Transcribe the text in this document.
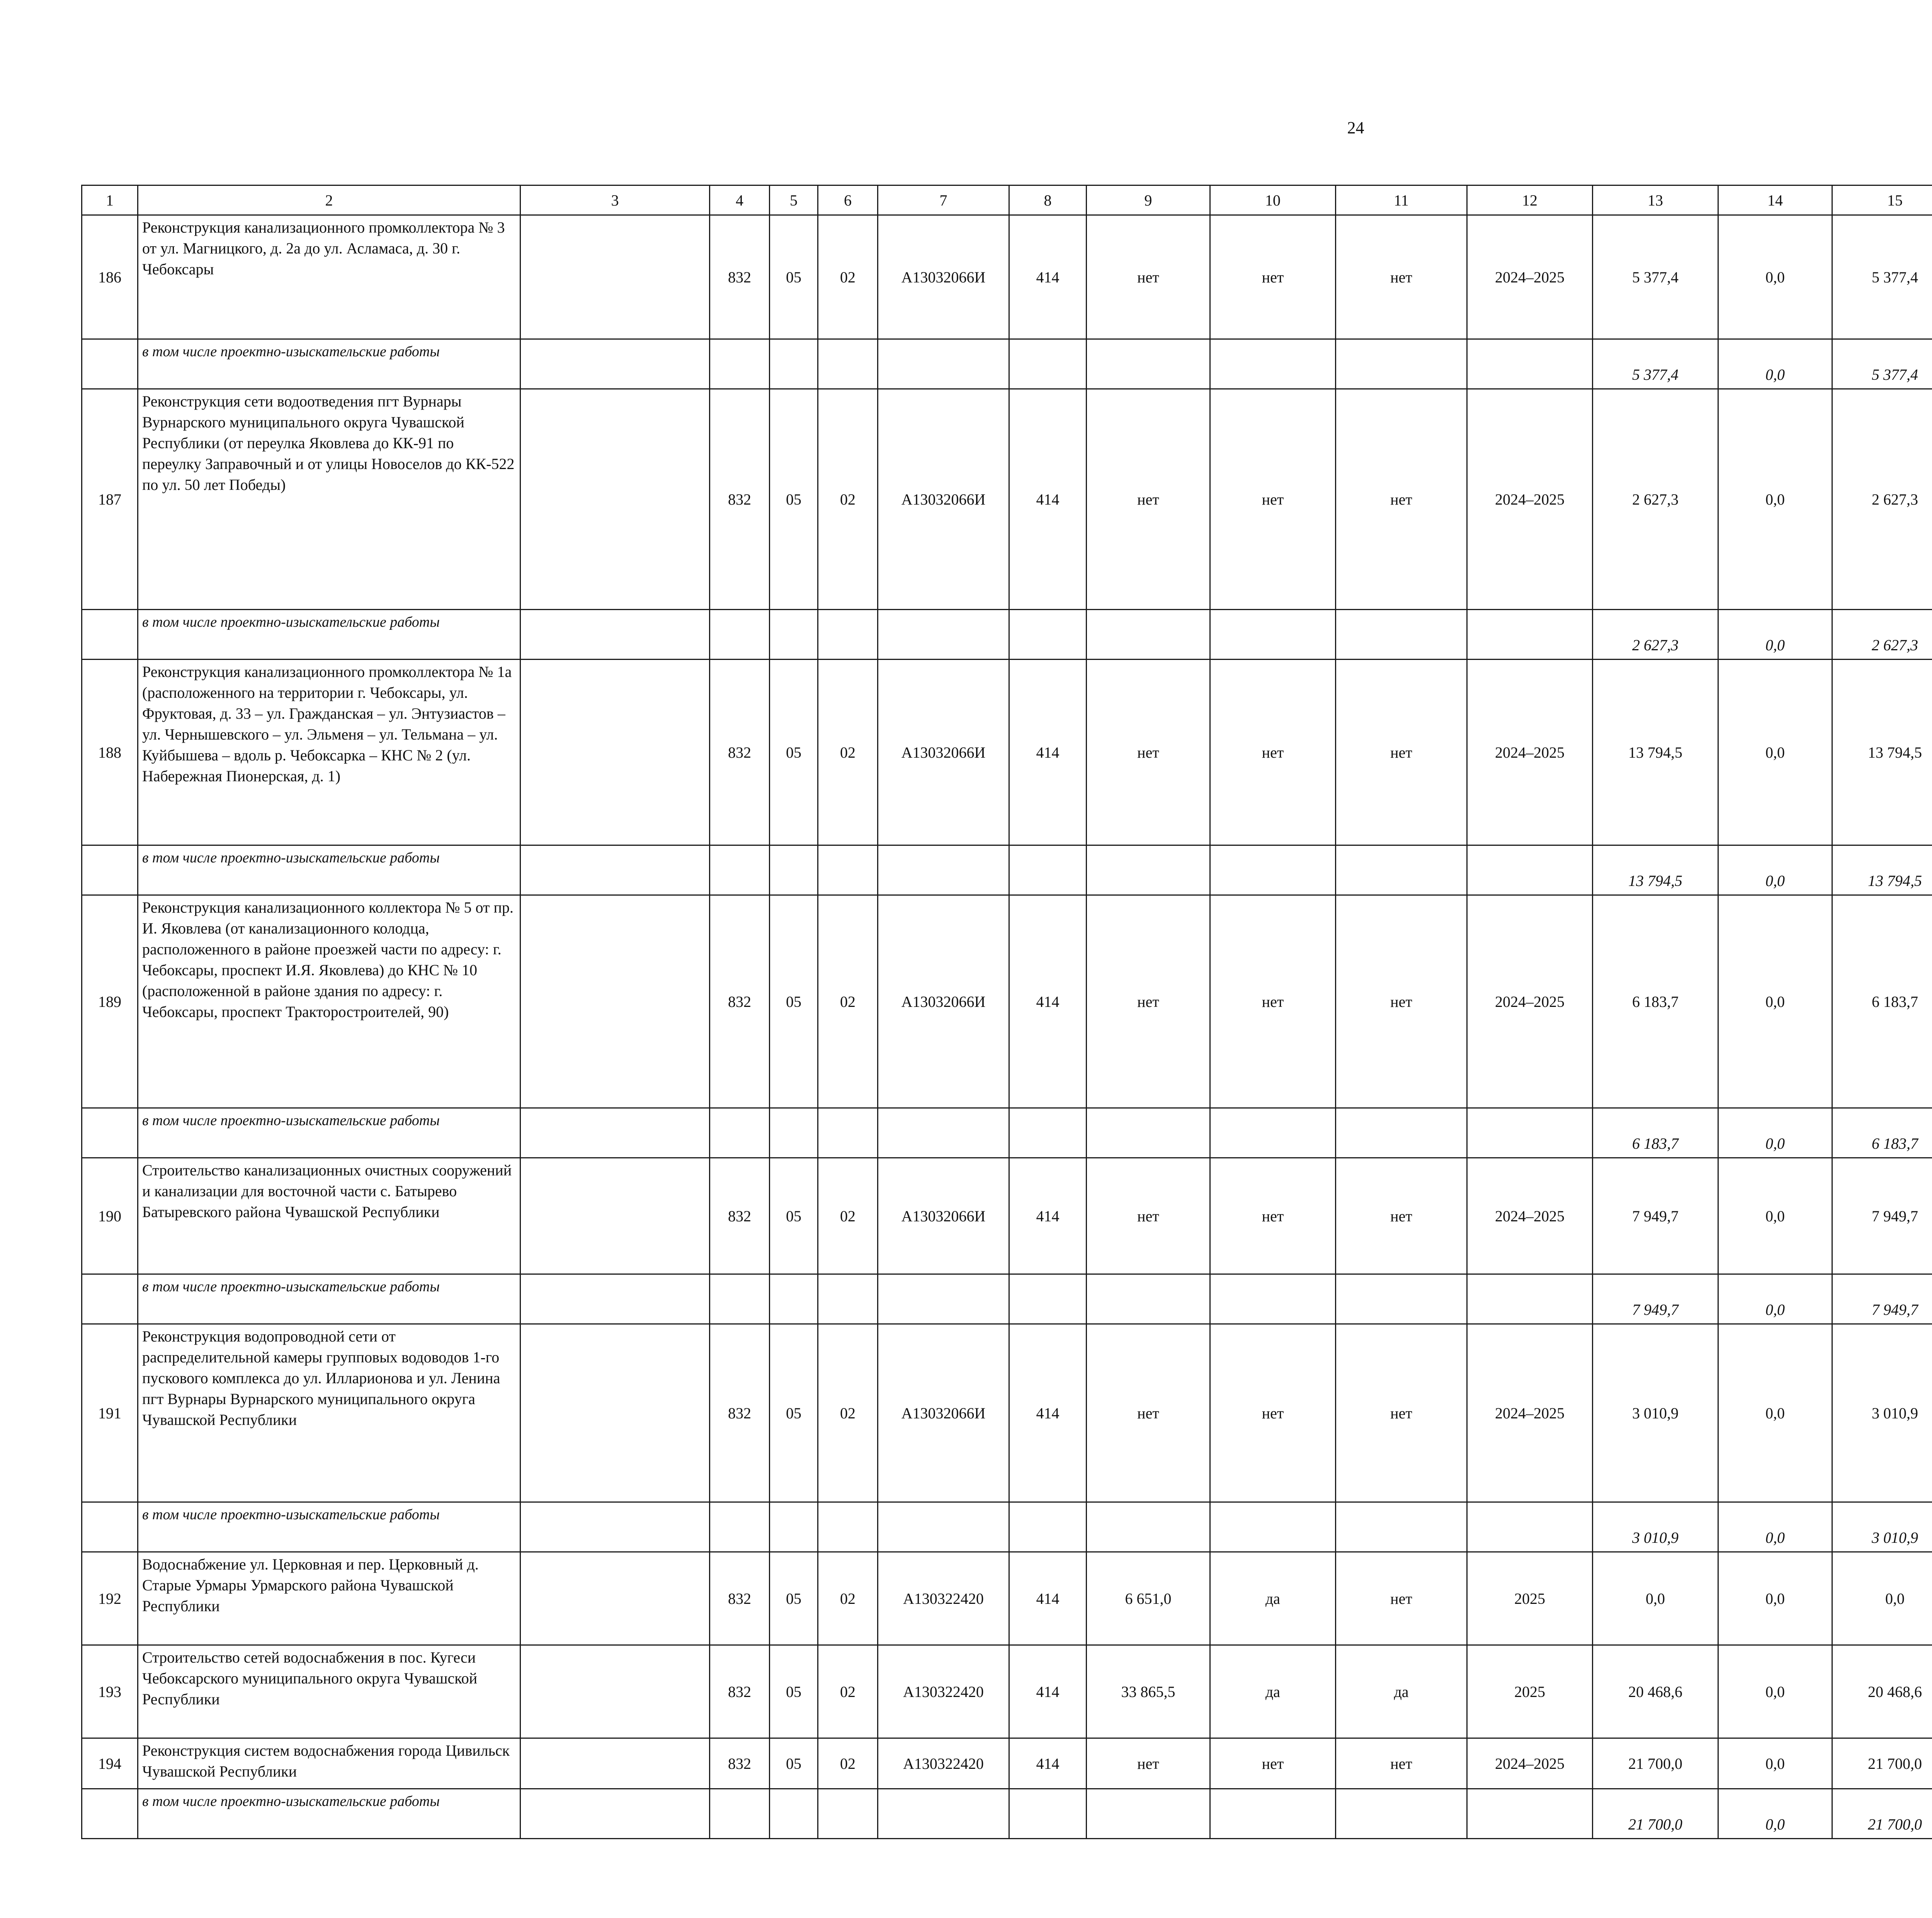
24
1	2	3	4	5	6	7	8	9	10	11	12	13	14	15						
186	Реконструкция канализационного промколлектора № 3 от ул. Магницкого, д. 2а до ул. Асламаса, д. 30 г. Чебоксары		832	05	02	А13032066И	414	нет	нет	нет	2024–2025	5 377,4	0,0	5 377,4						
	в том числе проектно-изыскательские работы											5 377,4	0,0	5 377,4						
187	Реконструкция сети водоотведения пгт Вурнары Вурнарского муниципального округа Чувашской Республики (от переулка Яковлева до КК-91 по переулку Заправочный и от улицы Новоселов до КК-522 по ул. 50 лет Победы)		832	05	02	А13032066И	414	нет	нет	нет	2024–2025	2 627,3	0,0	2 627,3						
	в том числе проектно-изыскательские работы											2 627,3	0,0	2 627,3						
188	Реконструкция канализационного промколлектора № 1а (расположенного на территории г. Чебоксары, ул. Фруктовая, д. 33 – ул. Гражданская – ул. Энтузиастов – ул. Чернышевского – ул. Эльменя – ул. Тельмана – ул. Куйбышева – вдоль р. Чебоксарка – КНС № 2 (ул. Набережная Пионерская, д. 1)		832	05	02	А13032066И	414	нет	нет	нет	2024–2025	13 794,5	0,0	13 794,5						
	в том числе проектно-изыскательские работы											13 794,5	0,0	13 794,5						
189	Реконструкция канализационного коллектора № 5 от пр. И. Яковлева (от канализационного колодца, расположенного в районе проезжей части по адресу: г. Чебоксары, проспект И.Я. Яковлева) до КНС № 10 (расположенной в районе здания по адресу: г. Чебоксары, проспект Тракторостроителей, 90)		832	05	02	А13032066И	414	нет	нет	нет	2024–2025	6 183,7	0,0	6 183,7						
	в том числе проектно-изыскательские работы											6 183,7	0,0	6 183,7						
190	Строительство канализационных очистных сооружений и канализации для восточной части с. Батырево Батыревского района Чувашской Республики		832	05	02	А13032066И	414	нет	нет	нет	2024–2025	7 949,7	0,0	7 949,7						
	в том числе проектно-изыскательские работы											7 949,7	0,0	7 949,7						
191	Реконструкция водопроводной сети от распределительной камеры групповых водоводов 1-го пускового комплекса до ул. Илларионова и ул. Ленина пгт Вурнары Вурнарского муниципального округа Чувашской Республики		832	05	02	А13032066И	414	нет	нет	нет	2024–2025	3 010,9	0,0	3 010,9						
	в том числе проектно-изыскательские работы											3 010,9	0,0	3 010,9						
192	Водоснабжение ул. Церковная и пер. Церковный д. Старые Урмары Урмарского района Чувашской Республики		832	05	02	А130322420	414	6 651,0	да	нет	2025	0,0	0,0	0,0						
193	Строительство сетей водоснабжения в пос. Кугеси Чебоксарского муниципального округа Чувашской Республики		832	05	02	А130322420	414	33 865,5	да	да	2025	20 468,6	0,0	20 468,6						
194	Реконструкция систем водоснабжения города Цивильск Чувашской Республики		832	05	02	А130322420	414	нет	нет	нет	2024–2025	21 700,0	0,0	21 700,0						
	в том числе проектно-изыскательские работы											21 700,0	0,0	21 700,0						
